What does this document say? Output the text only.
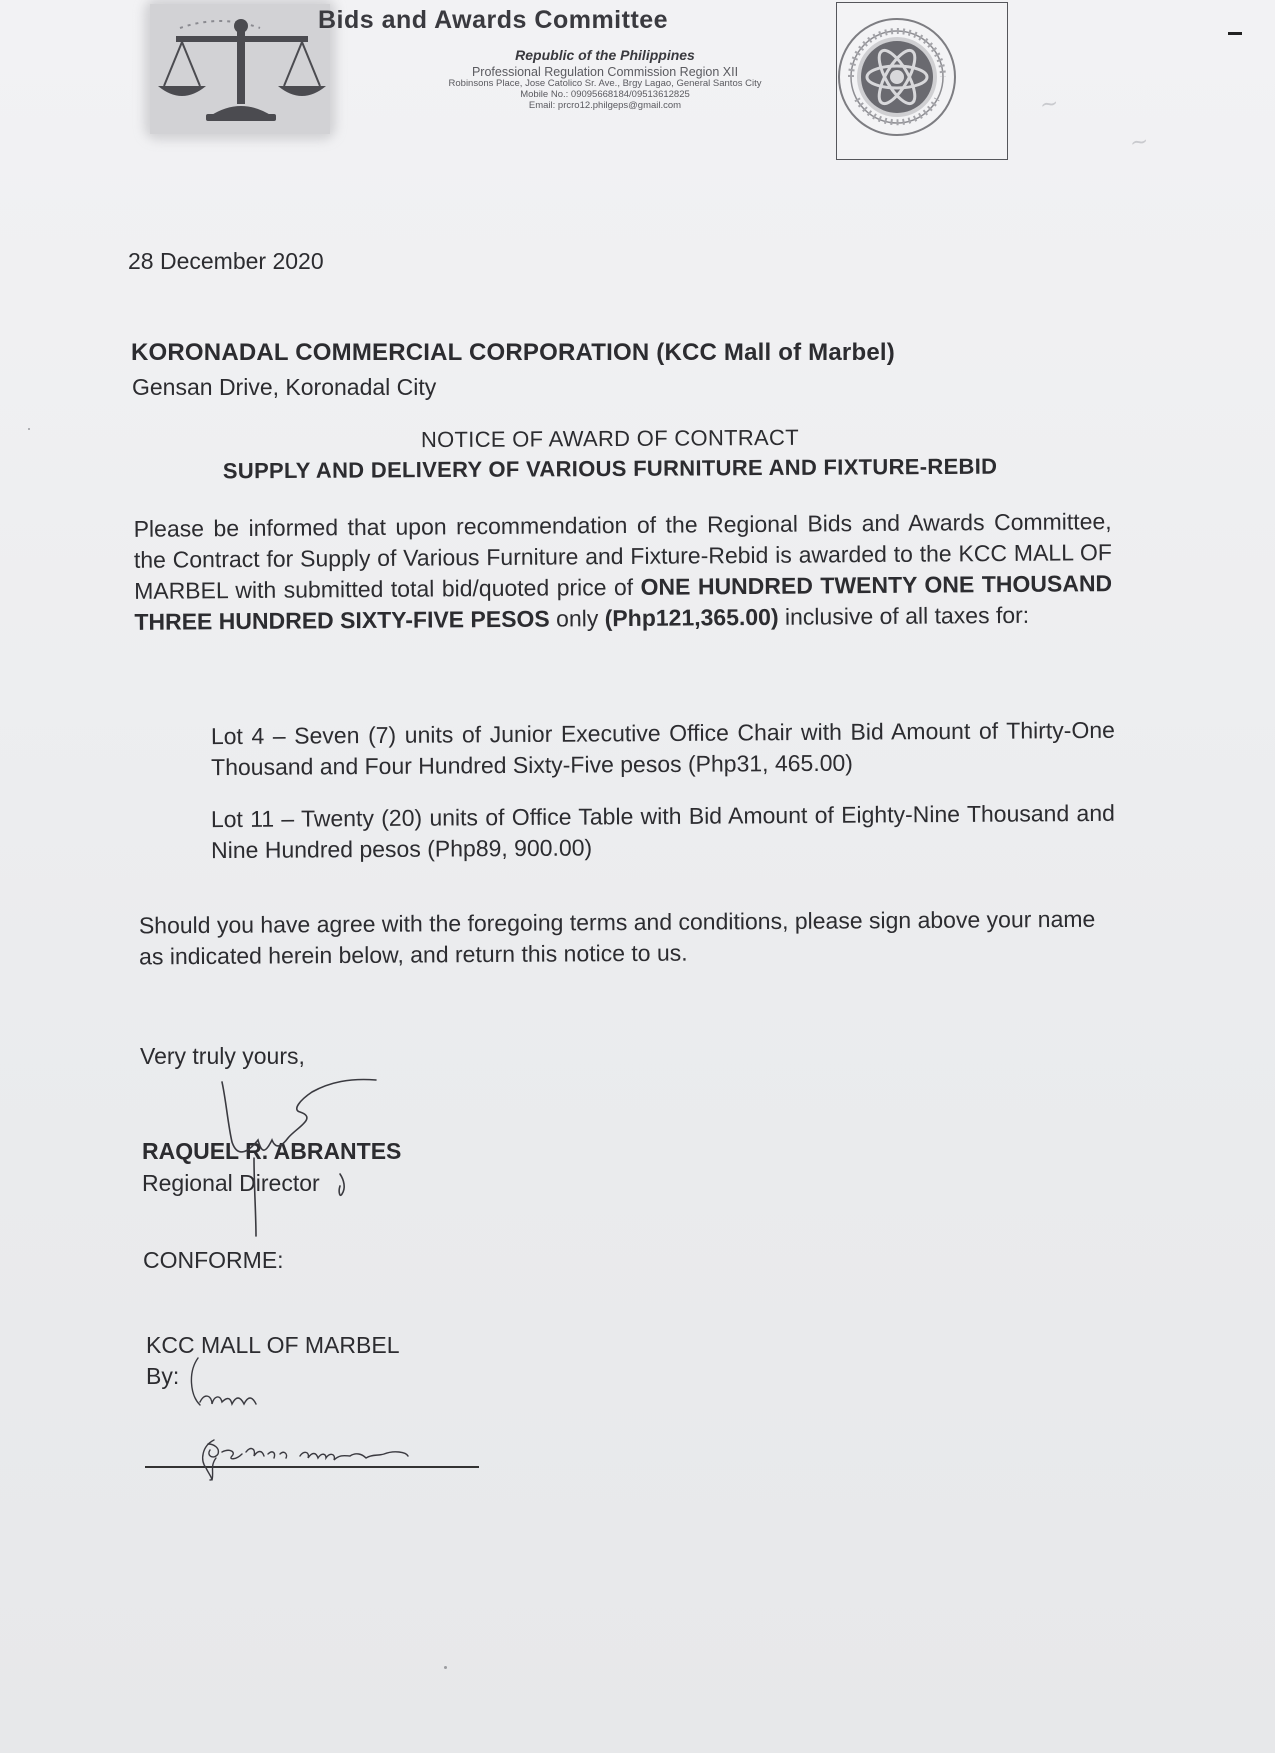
Bids and Awards Committee
Republic of the Philippines
Professional Regulation Commission Region XII
Robinsons Place, Jose Catolico Sr. Ave., Brgy Lagao, General Santos City
Mobile No.: 09095668184/09513612825
Email: prcro12.philgeps@gmail.com	~
~
28 December 2020
KORONADAL COMMERCIAL CORPORATION (KCC Mall of Marbel)
Gensan Drive, Koronadal City
NOTICE OF AWARD OF CONTRACT
SUPPLY AND DELIVERY OF VARIOUS FURNITURE AND FIXTURE-REBID
Please be informed that upon recommendation of the Regional Bids and Awards Committee, the Contract for Supply of Various Furniture and Fixture-Rebid is awarded to the KCC MALL OF MARBEL with submitted total bid/quoted price of ONE HUNDRED TWENTY ONE THOUSAND THREE HUNDRED SIXTY-FIVE PESOS only (Php121,365.00) inclusive of all taxes for:
Lot 4 – Seven (7) units of Junior Executive Office Chair with Bid Amount of Thirty-One Thousand and Four Hundred Sixty-Five pesos (Php31, 465.00)
Lot 11 – Twenty (20) units of Office Table with Bid Amount of Eighty-Nine Thousand and Nine Hundred pesos (Php89, 900.00)
Should you have agree with the foregoing terms and conditions, please sign above your name as indicated herein below, and return this notice to us.
Very truly yours,
RAQUEL R. ABRANTES
Regional Director
CONFORME:
KCC MALL OF MARBEL
By:
